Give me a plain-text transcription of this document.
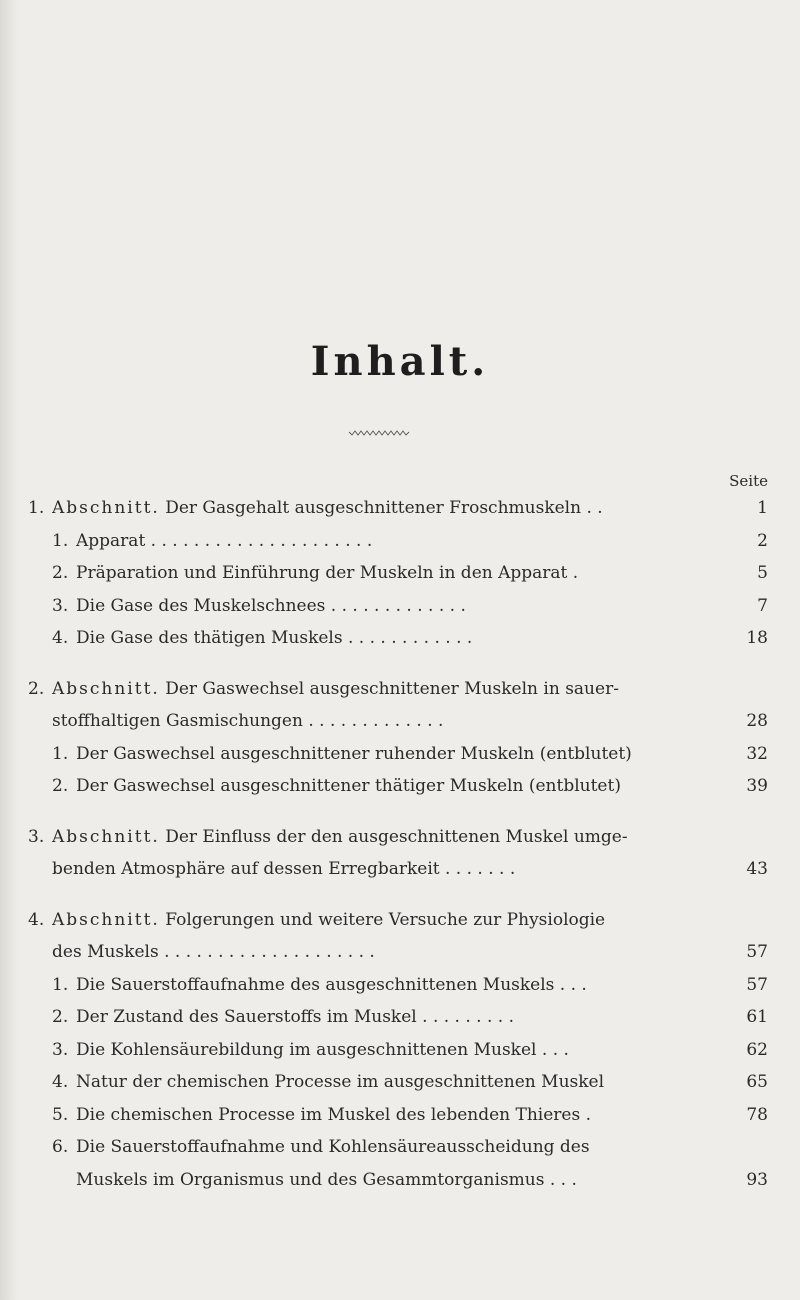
Inhalt.
Seite
1. Abschnitt. Der Gasgehalt ausgeschnittener Froschmuskeln . .	1
1. Apparat . . . . . . . . . . . . . . . . . . . . .	2
2. Präparation und Einführung der Muskeln in den Apparat .	5
3. Die Gase des Muskelschnees . . . . . . . . . . . . .	7
4. Die Gase des thätigen Muskels . . . . . . . . . . . .	18
2. Abschnitt. Der Gaswechsel ausgeschnittener Muskeln in sauer-
stoffhaltigen Gasmischungen . . . . . . . . . . . . .	28
1. Der Gaswechsel ausgeschnittener ruhender Muskeln (entblutet)	32
2. Der Gaswechsel ausgeschnittener thätiger Muskeln (entblutet)	39
3. Abschnitt. Der Einfluss der den ausgeschnittenen Muskel umge-
benden Atmosphäre auf dessen Erregbarkeit . . . . . . .	43
4. Abschnitt. Folgerungen und weitere Versuche zur Physiologie
des Muskels . . . . . . . . . . . . . . . . . . . .	57
1. Die Sauerstoffaufnahme des ausgeschnittenen Muskels . . .	57
2. Der Zustand des Sauerstoffs im Muskel . . . . . . . . .	61
3. Die Kohlensäurebildung im ausgeschnittenen Muskel . . .	62
4. Natur der chemischen Processe im ausgeschnittenen Muskel	65
5. Die chemischen Processe im Muskel des lebenden Thieres .	78
6. Die Sauerstoffaufnahme und Kohlensäureausscheidung des
Muskels im Organismus und des Gesammtorganismus . . .	93
